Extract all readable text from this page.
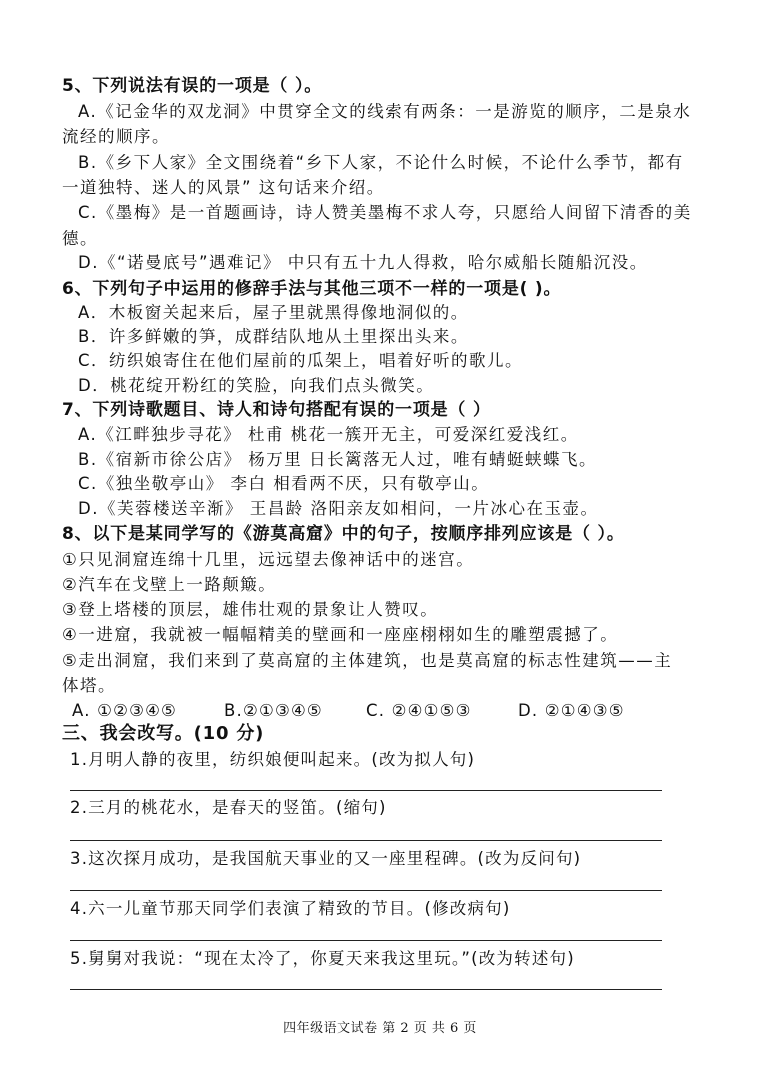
5、下列说法有误的一项是（ ）。
A.《记金华的双龙洞》中贯穿全文的线索有两条：一是游览的顺序，二是泉水
流经的顺序。
B.《乡下人家》全文围绕着“乡下人家，不论什么时候，不论什么季节，都有
一道独特、迷人的风景” 这句话来介绍。
C.《墨梅》是一首题画诗，诗人赞美墨梅不求人夸，只愿给人间留下清香的美
德。
D.《“诺曼底号”遇难记》 中只有五十九人得救，哈尔威船长随船沉没。
6、下列句子中运用的修辞手法与其他三项不一样的一项是( )。
A．木板窗关起来后，屋子里就黑得像地洞似的。
B．许多鲜嫩的笋，成群结队地从土里探出头来。
C．纺织娘寄住在他们屋前的瓜架上，唱着好听的歌儿。
D．桃花绽开粉红的笑脸，向我们点头微笑。
7、下列诗歌题目、诗人和诗句搭配有误的一项是（ ）
A.《江畔独步寻花》 杜甫 桃花一簇开无主，可爱深红爱浅红。
B.《宿新市徐公店》 杨万里 日长篱落无人过，唯有蜻蜓蛱蝶飞。
C.《独坐敬亭山》 李白 相看两不厌，只有敬亭山。
D.《芙蓉楼送辛渐》 王昌龄 洛阳亲友如相问，一片冰心在玉壶。
8、以下是某同学写的《游莫高窟》中的句子，按顺序排列应该是（ ）。
①只见洞窟连绵十几里，远远望去像神话中的迷宫。
②汽车在戈壁上一路颠簸。
③登上塔楼的顶层，雄伟壮观的景象让人赞叹。
④一进窟，我就被一幅幅精美的壁画和一座座栩栩如生的雕塑震撼了。
⑤走出洞窟，我们来到了莫高窟的主体建筑，也是莫高窟的标志性建筑——主
体塔。
A. ①②③④⑤	B.②①③④⑤	C. ②④①⑤③	D. ②①④③⑤
三、我会改写。(10 分)
1.月明人静的夜里，纺织娘便叫起来。(改为拟人句)
2.三月的桃花水，是春天的竖笛。(缩句)
3.这次探月成功，是我国航天事业的又一座里程碑。(改为反问句)
4.六一儿童节那天同学们表演了精致的节目。(修改病句)
5.舅舅对我说：“现在太冷了，你夏天来我这里玩。”(改为转述句)
四年级语文试卷 第 2 页 共 6 页
